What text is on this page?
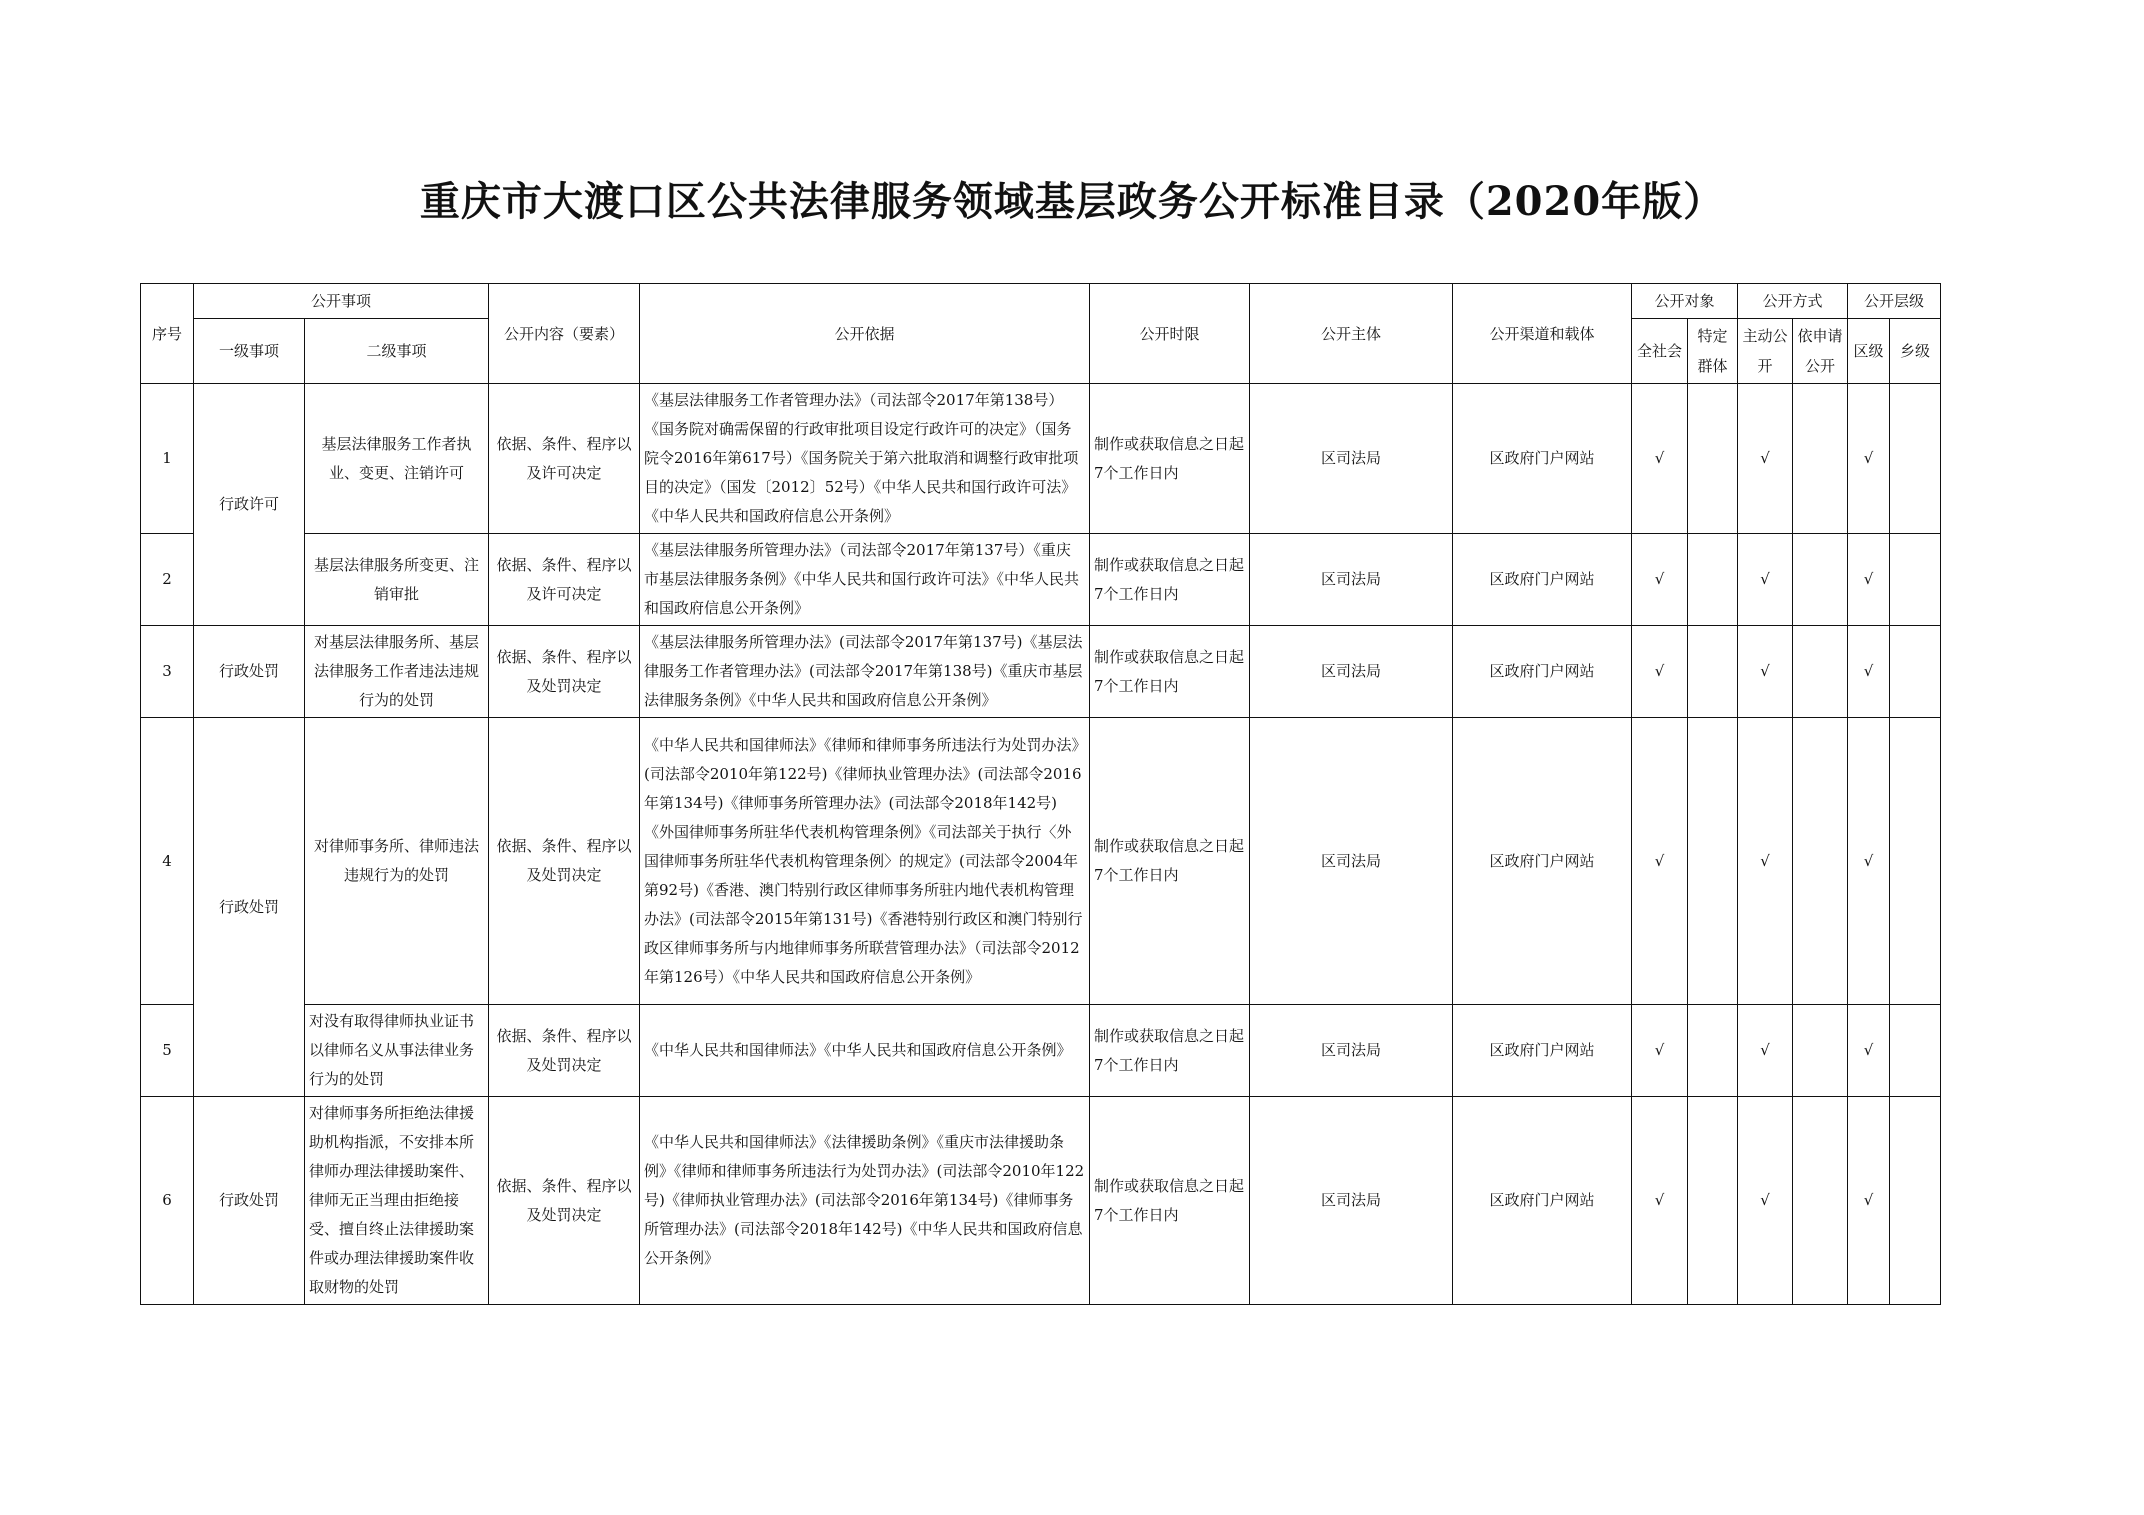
重庆市大渡口区公共法律服务领域基层政务公开标准目录（2020年版）
序号	公开事项		公开内容（要素）	公开依据	公开时限	公开主体	公开渠道和载体	公开对象		公开方式		公开层级	
	一级事项	二级事项						全社会	特定群体	主动公开	依申请公开	区级	乡级
1	行政许可	基层法律服务工作者执业、变更、注销许可	依据、条件、程序以及许可决定	《基层法律服务工作者管理办法》（司法部令2017年第138号）《国务院对确需保留的行政审批项目设定行政许可的决定》（国务院令2016年第617号）《国务院关于第六批取消和调整行政审批项目的决定》（国发〔2012〕52号）《中华人民共和国行政许可法》《中华人民共和国政府信息公开条例》	制作或获取信息之日起7个工作日内	区司法局	区政府门户网站	√		√		√	
2		基层法律服务所变更、注销审批	依据、条件、程序以及许可决定	《基层法律服务所管理办法》（司法部令2017年第137号）《重庆市基层法律服务条例》《中华人民共和国行政许可法》《中华人民共和国政府信息公开条例》	制作或获取信息之日起7个工作日内	区司法局	区政府门户网站	√		√		√	
3	行政处罚	对基层法律服务所、基层法律服务工作者违法违规行为的处罚	依据、条件、程序以及处罚决定	《基层法律服务所管理办法》(司法部令2017年第137号)《基层法律服务工作者管理办法》(司法部令2017年第138号)《重庆市基层法律服务条例》《中华人民共和国政府信息公开条例》	制作或获取信息之日起7个工作日内	区司法局	区政府门户网站	√		√		√	
4	行政处罚	对律师事务所、律师违法违规行为的处罚	依据、条件、程序以及处罚决定	《中华人民共和国律师法》《律师和律师事务所违法行为处罚办法》(司法部令2010年第122号)《律师执业管理办法》(司法部令2016年第134号)《律师事务所管理办法》(司法部令2018年142号)《外国律师事务所驻华代表机构管理条例》《司法部关于执行〈外国律师事务所驻华代表机构管理条例〉的规定》(司法部令2004年第92号)《香港、澳门特别行政区律师事务所驻内地代表机构管理办法》(司法部令2015年第131号)《香港特别行政区和澳门特别行政区律师事务所与内地律师事务所联营管理办法》（司法部令2012年第126号）《中华人民共和国政府信息公开条例》	制作或获取信息之日起7个工作日内	区司法局	区政府门户网站	√		√		√	
5		对没有取得律师执业证书以律师名义从事法律业务行为的处罚	依据、条件、程序以及处罚决定	《中华人民共和国律师法》《中华人民共和国政府信息公开条例》	制作或获取信息之日起7个工作日内	区司法局	区政府门户网站	√		√		√	
6	行政处罚	对律师事务所拒绝法律援助机构指派，不安排本所律师办理法律援助案件、律师无正当理由拒绝接受、擅自终止法律援助案件或办理法律援助案件收取财物的处罚	依据、条件、程序以及处罚决定	《中华人民共和国律师法》《法律援助条例》《重庆市法律援助条例》《律师和律师事务所违法行为处罚办法》(司法部令2010年122号)《律师执业管理办法》(司法部令2016年第134号)《律师事务所管理办法》(司法部令2018年142号)《中华人民共和国政府信息公开条例》	制作或获取信息之日起7个工作日内	区司法局	区政府门户网站	√		√		√	
